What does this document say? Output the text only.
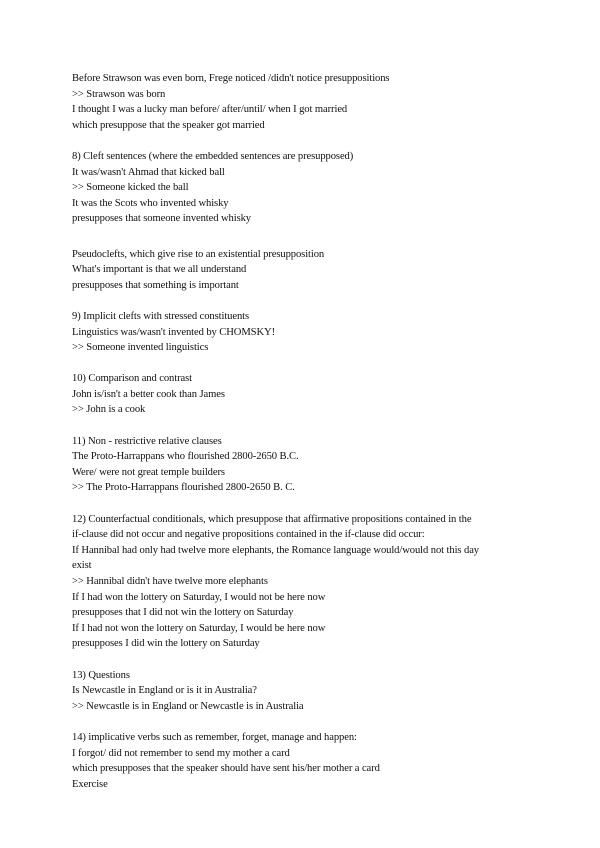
Before Strawson was even born, Frege noticed /didn't notice presuppositions
>> Strawson was born
I thought I was a lucky man before/ after/until/ when I got married
which presuppose that the speaker got married
8) Cleft sentences (where the embedded sentences are presupposed)
It was/wasn't Ahmad that kicked ball
>> Someone kicked the ball
It was the Scots who invented whisky
presupposes that someone invented whisky
Pseudoclefts, which give rise to an existential presupposition
What's important is that we all understand
presupposes that something is important
9) Implicit clefts with stressed constituents
Linguistics was/wasn't invented by CHOMSKY!
>> Someone invented linguistics
10) Comparison and contrast
John is/isn't a better cook than James
>> John is a cook
11) Non - restrictive relative clauses
The Proto-Harrappans who flourished 2800-2650 B.C.
Were/ were not great temple builders
>> The Proto-Harrappans flourished 2800-2650 B. C.
12) Counterfactual conditionals, which presuppose that affirmative propositions contained in the
if-clause did not occur and negative propositions contained in the if-clause did occur:
If Hannibal had only had twelve more elephants, the Romance language would/would not this day
exist
>> Hannibal didn't have twelve more elephants
If I had won the lottery on Saturday, I would not be here now
presupposes that I did not win the lottery on Saturday
If I had not won the lottery on Saturday, I would be here now
presupposes I did win the lottery on Saturday
13) Questions
Is Newcastle in England or is it in Australia?
>> Newcastle is in England or Newcastle is in Australia
14) implicative verbs such as remember, forget, manage and happen:
I forgot/ did not remember to send my mother a card
which presupposes that the speaker should have sent his/her mother a card
Exercise
